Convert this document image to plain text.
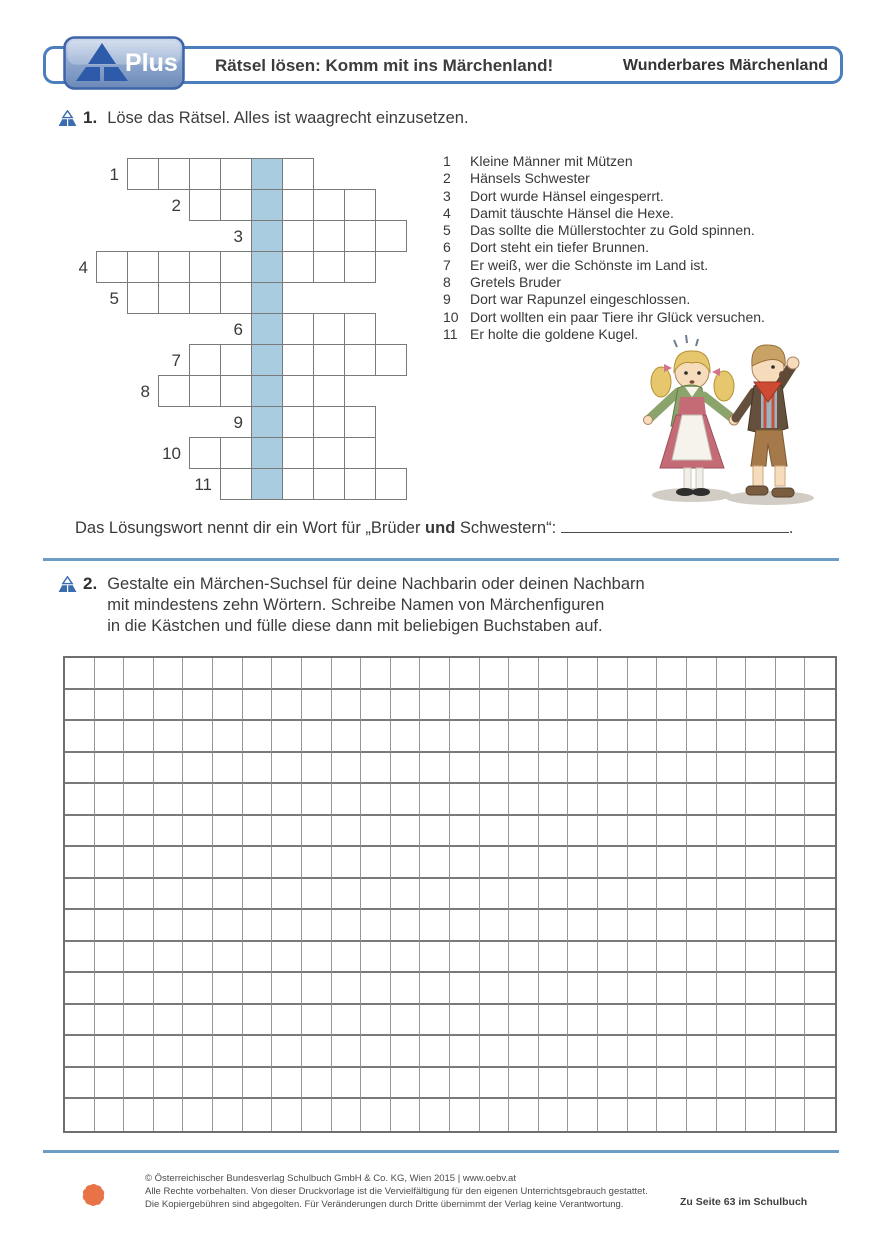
Plus Rätsel lösen: Komm mit ins Märchenland!	Wunderbares Märchenland
1. Löse das Rätsel. Alles ist waagrecht einzusetzen.
1
2
3
4
5
6
7
8
9
10
11
1	Kleine Männer mit Mützen
2	Hänsels Schwester
3	Dort wurde Hänsel eingesperrt.
4	Damit täuschte Hänsel die Hexe.
5	Das sollte die Müllerstochter zu Gold spinnen.
6	Dort steht ein tiefer Brunnen.
7	Er weiß, wer die Schönste im Land ist.
8	Gretels Bruder
9	Dort war Rapunzel eingeschlossen.
10 Dort wollten ein paar Tiere ihr Glück versuchen.
11 Er holte die goldene Kugel.
Das Lösungswort nennt dir ein Wort für „Brüder und Schwestern“:	.
2. Gestalte ein Märchen-Suchsel für deine Nachbarin oder deinen Nachbarn
mit mindestens zehn Wörtern. Schreibe Namen von Märchenfiguren
in die Kästchen und fülle diese dann mit beliebigen Buchstaben auf.
© Österreichischer Bundesverlag Schulbuch GmbH & Co. KG, Wien 2015 | www.oebv.at
Alle Rechte vorbehalten. Von dieser Druckvorlage ist die Vervielfältigung für den eigenen Unterrichtsgebrauch gestattet.
Die Kopiergebühren sind abgegolten. Für Veränderungen durch Dritte übernimmt der Verlag keine Verantwortung.	Zu Seite 63 im Schulbuch
